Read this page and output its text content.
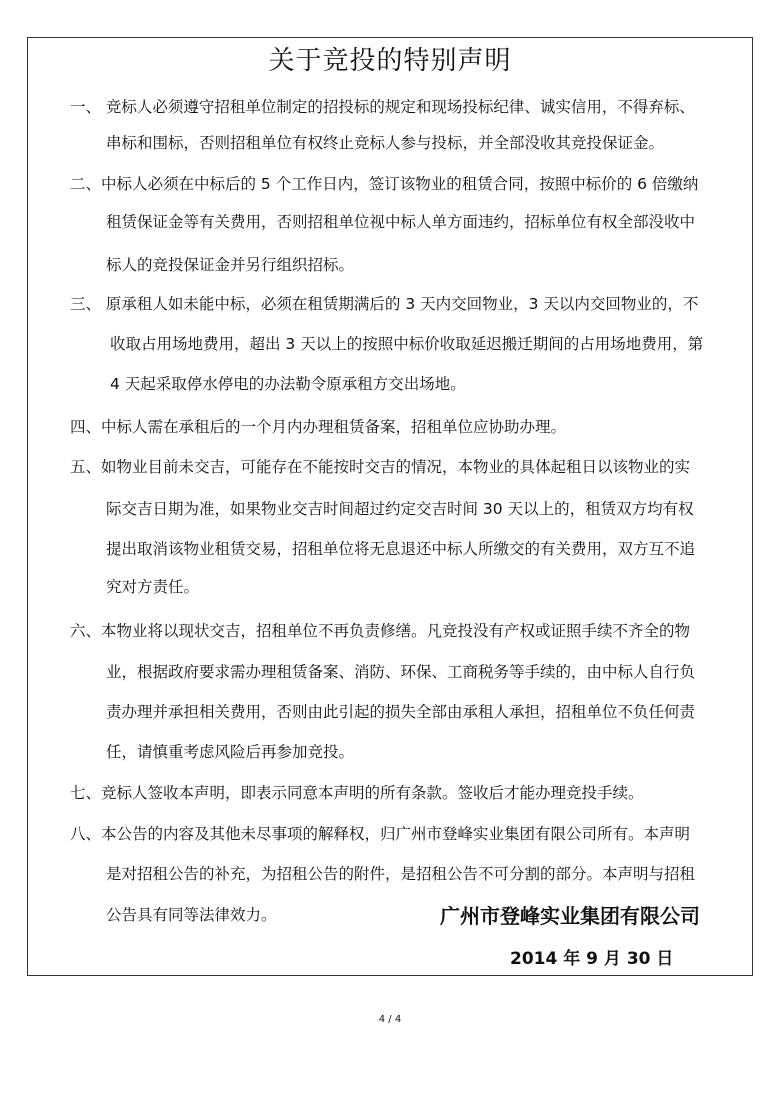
关于竞投的特别声明
一、 竞标人必须遵守招租单位制定的招投标的规定和现场投标纪律、诚实信用，不得弃标、
串标和围标，否则招租单位有权终止竞标人参与投标，并全部没收其竞投保证金。
二、中标人必须在中标后的 5 个工作日内，签订该物业的租赁合同，按照中标价的 6 倍缴纳
租赁保证金等有关费用，否则招租单位视中标人单方面违约，招标单位有权全部没收中
标人的竞投保证金并另行组织招标。
三、 原承租人如未能中标，必须在租赁期满后的 3 天内交回物业，3 天以内交回物业的，不
收取占用场地费用，超出 3 天以上的按照中标价收取延迟搬迁期间的占用场地费用，第
4 天起采取停水停电的办法勒令原承租方交出场地。
四、中标人需在承租后的一个月内办理租赁备案，招租单位应协助办理。
五、如物业目前未交吉，可能存在不能按时交吉的情况，本物业的具体起租日以该物业的实
际交吉日期为准，如果物业交吉时间超过约定交吉时间 30 天以上的，租赁双方均有权
提出取消该物业租赁交易，招租单位将无息退还中标人所缴交的有关费用，双方互不追
究对方责任。
六、本物业将以现状交吉，招租单位不再负责修缮。凡竞投没有产权或证照手续不齐全的物
业，根据政府要求需办理租赁备案、消防、环保、工商税务等手续的，由中标人自行负
责办理并承担相关费用，否则由此引起的损失全部由承租人承担，招租单位不负任何责
任，请慎重考虑风险后再参加竞投。
七、竞标人签收本声明，即表示同意本声明的所有条款。签收后才能办理竞投手续。
八、本公告的内容及其他未尽事项的解释权，归广州市登峰实业集团有限公司所有。本声明
是对招租公告的补充，为招租公告的附件，是招租公告不可分割的部分。本声明与招租
公告具有同等法律效力。	广州市登峰实业集团有限公司
2014 年 9 月 30 日
4 / 4
